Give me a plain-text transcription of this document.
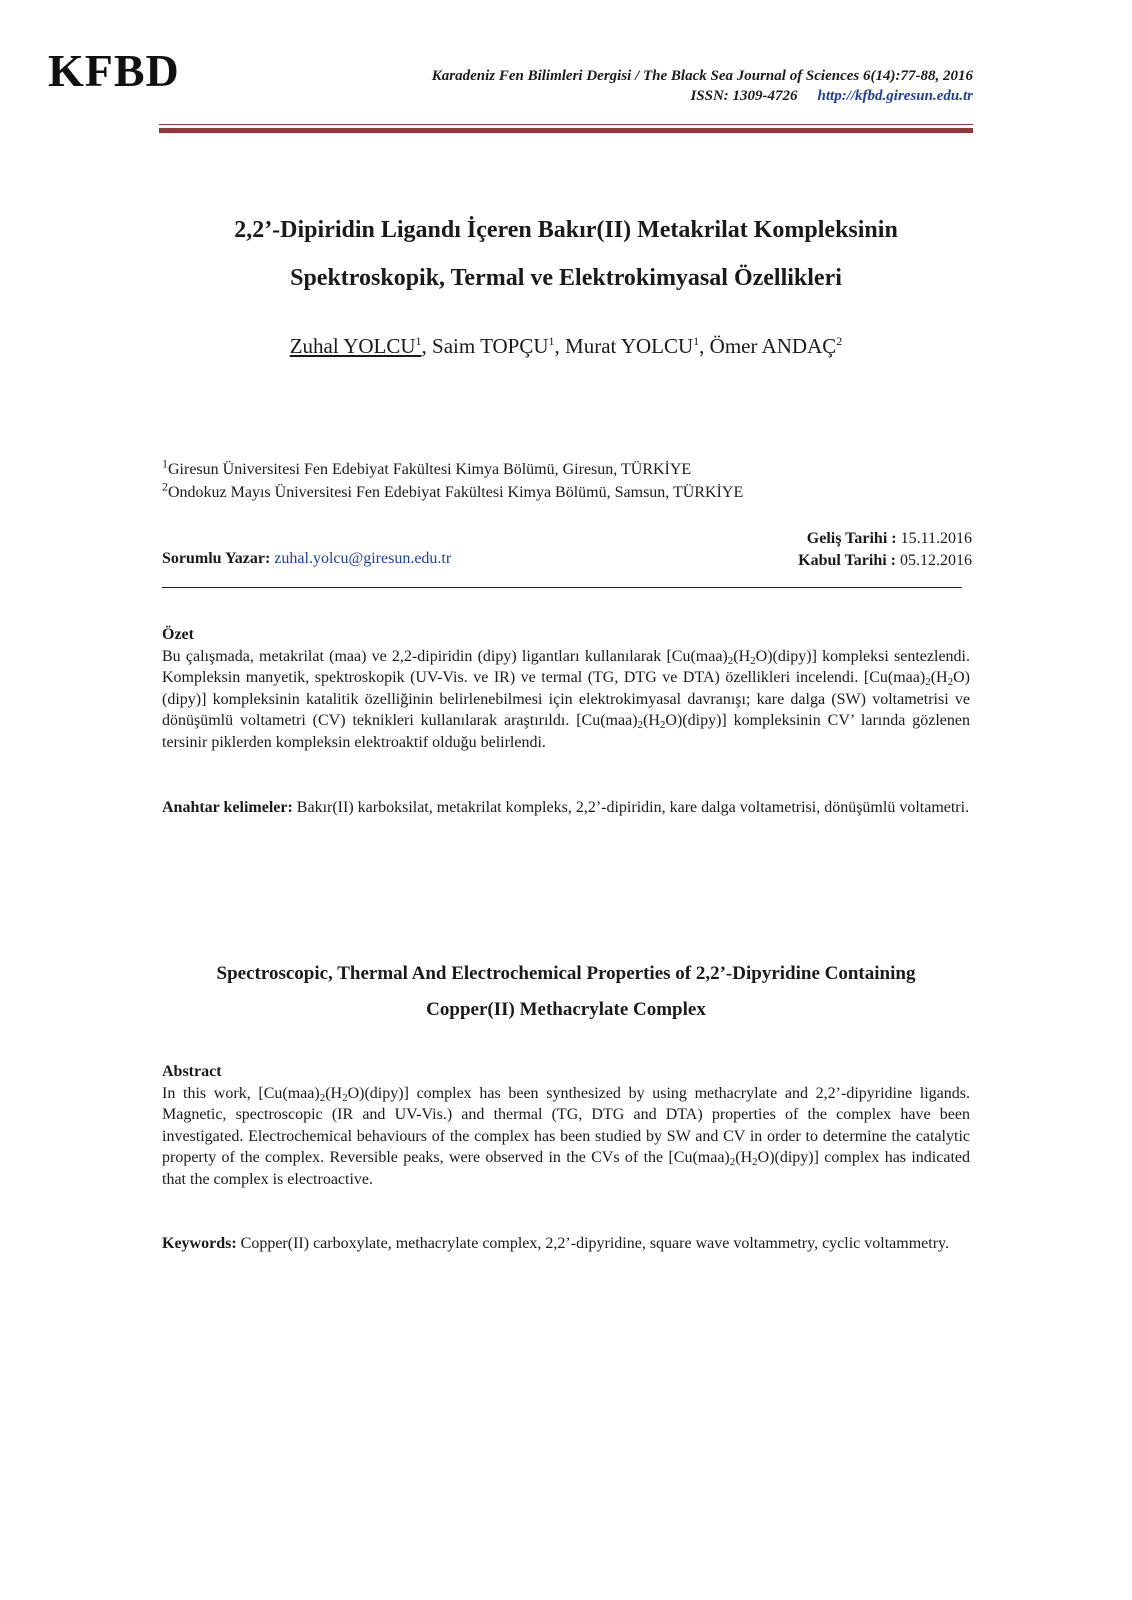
KFBD	Karadeniz Fen Bilimleri Dergisi / The Black Sea Journal of Sciences 6(14):77-88, 2016
ISSN: 1309-4726 http://kfbd.giresun.edu.tr
2,2’-Dipiridin Ligandı İçeren Bakır(II) Metakrilat Kompleksinin
Spektroskopik, Termal ve Elektrokimyasal Özellikleri
Zuhal YOLCU$^1$, Saim TOPÇU$^1$, Murat YOLCU$^1$, Ömer ANDAÇ$^2$
$^1$Giresun Üniversitesi Fen Edebiyat Fakültesi Kimya Bölümü, Giresun, TÜRKİYE
$^2$Ondokuz Mayıs Üniversitesi Fen Edebiyat Fakültesi Kimya Bölümü, Samsun, TÜRKİYE
Geliş Tarihi : 15.11.2016
Kabul Tarihi : 05.12.2016
Sorumlu Yazar: zuhal.yolcu@giresun.edu.tr
Özet
Bu çalışmada, metakrilat (maa) ve 2,2-dipiridin (dipy) ligantları kullanılarak $[Cu(maa)_2(H_2O)(dipy)]$ kompleksi sentezlendi. Kompleksin manyetik, spektroskopik (UV-Vis. ve IR) ve termal (TG, DTG ve DTA) özellikleri incelendi. $[Cu(maa)_2(H_2O)(dipy)]$ kompleksinin katalitik özelliğinin belirlenebilmesi için elektrokimyasal davranışı; kare dalga (SW) voltametrisi ve dönüşümlü voltametri (CV) teknikleri kullanılarak araştırıldı. $[Cu(maa)_2(H_2O)(dipy)]$ kompleksinin CV’ larında gözlenen tersinir piklerden kompleksin elektroaktif olduğu belirlendi.
Anahtar kelimeler: Bakır(II) karboksilat, metakrilat kompleks, 2,2’-dipiridin, kare dalga voltametrisi, dönüşümlü voltametri.
Spectroscopic, Thermal And Electrochemical Properties of 2,2’-Dipyridine Containing
Copper(II) Methacrylate Complex
Abstract
In this work, $[Cu(maa)_2(H_2O)(dipy)]$ complex has been synthesized by using methacrylate and 2,2’-dipyridine ligands. Magnetic, spectroscopic (IR and UV-Vis.) and thermal (TG, DTG and DTA) properties of the complex have been investigated. Electrochemical behaviours of the complex has been studied by SW and CV in order to determine the catalytic property of the complex. Reversible peaks, were observed in the CVs of the $[Cu(maa)_2(H_2O)(dipy)]$ complex has indicated that the complex is electroactive.
Keywords: Copper(II) carboxylate, methacrylate complex, 2,2’-dipyridine, square wave voltammetry, cyclic voltammetry.
